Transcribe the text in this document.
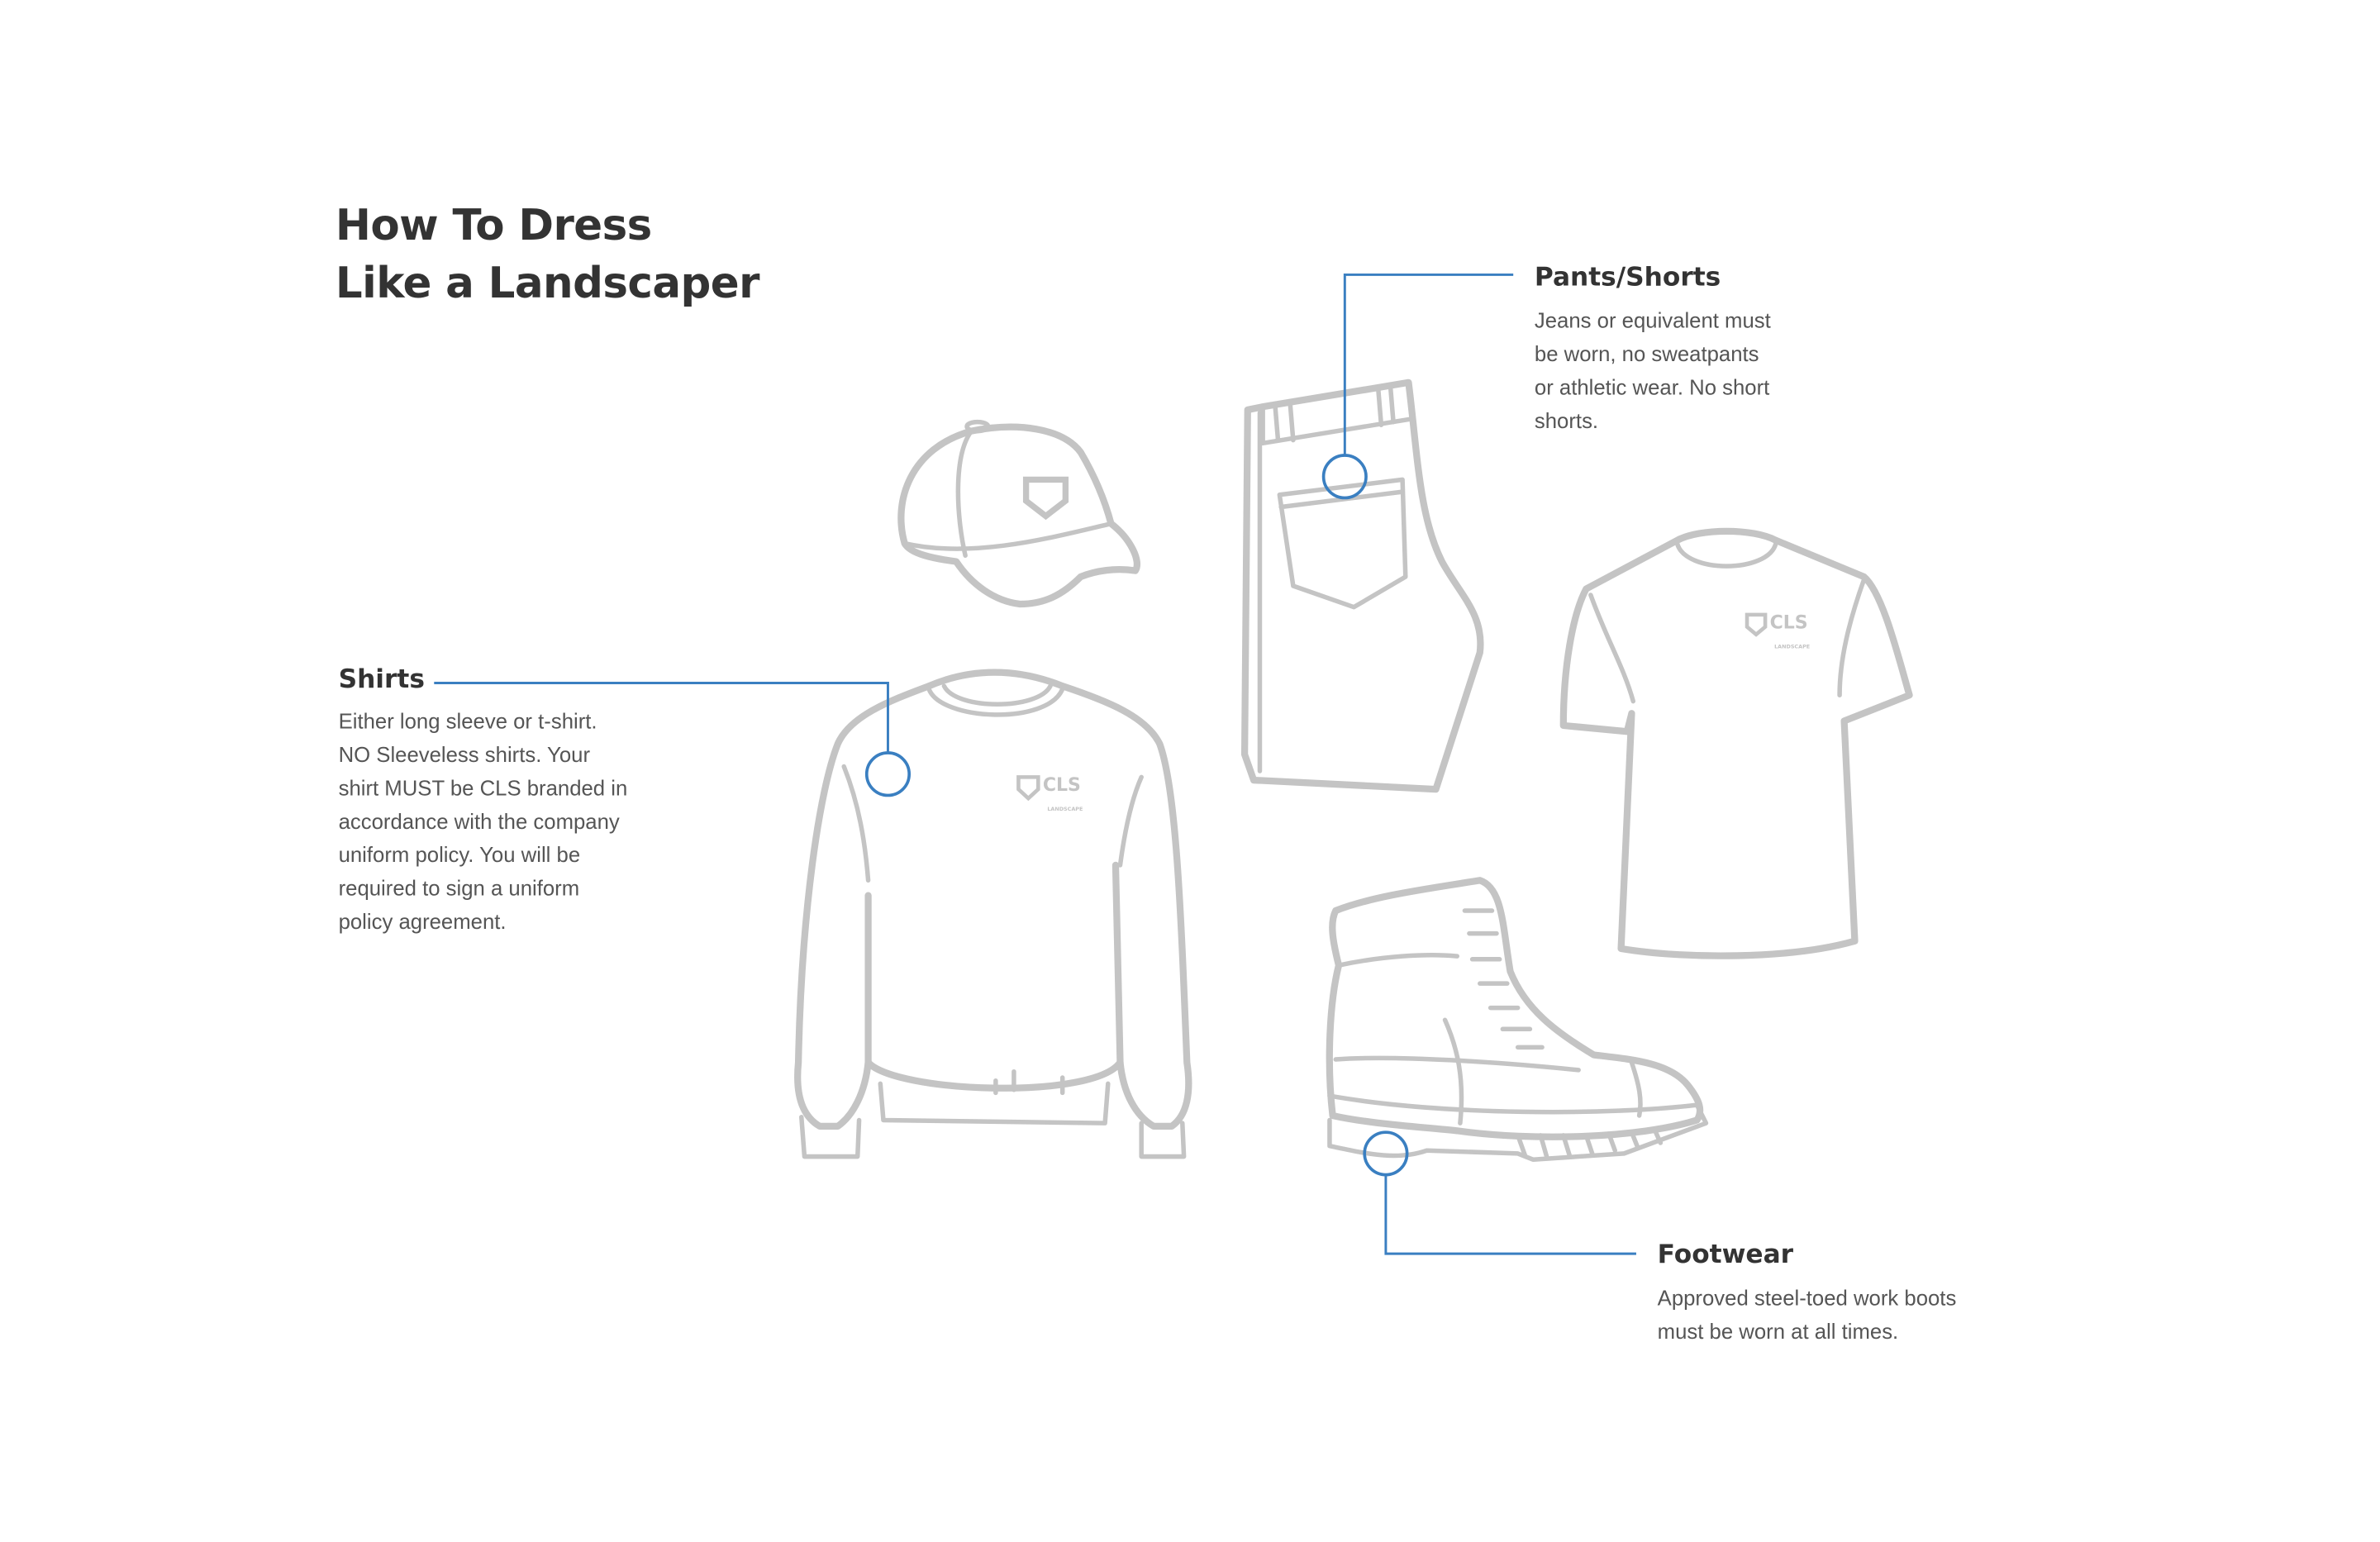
CLS
LANDSCAPE
CLS
LANDSCAPE
How To Dress
Like a Landscaper
Shirts
Either long sleeve or t-shirt.
NO Sleeveless shirts. Your
shirt MUST be CLS branded in
accordance with the company
uniform policy. You will be
required to sign a uniform
policy agreement.
Pants/Shorts
Jeans or equivalent must
be worn, no sweatpants
or athletic wear. No short
shorts.
Footwear
Approved steel-toed work boots
must be worn at all times.
